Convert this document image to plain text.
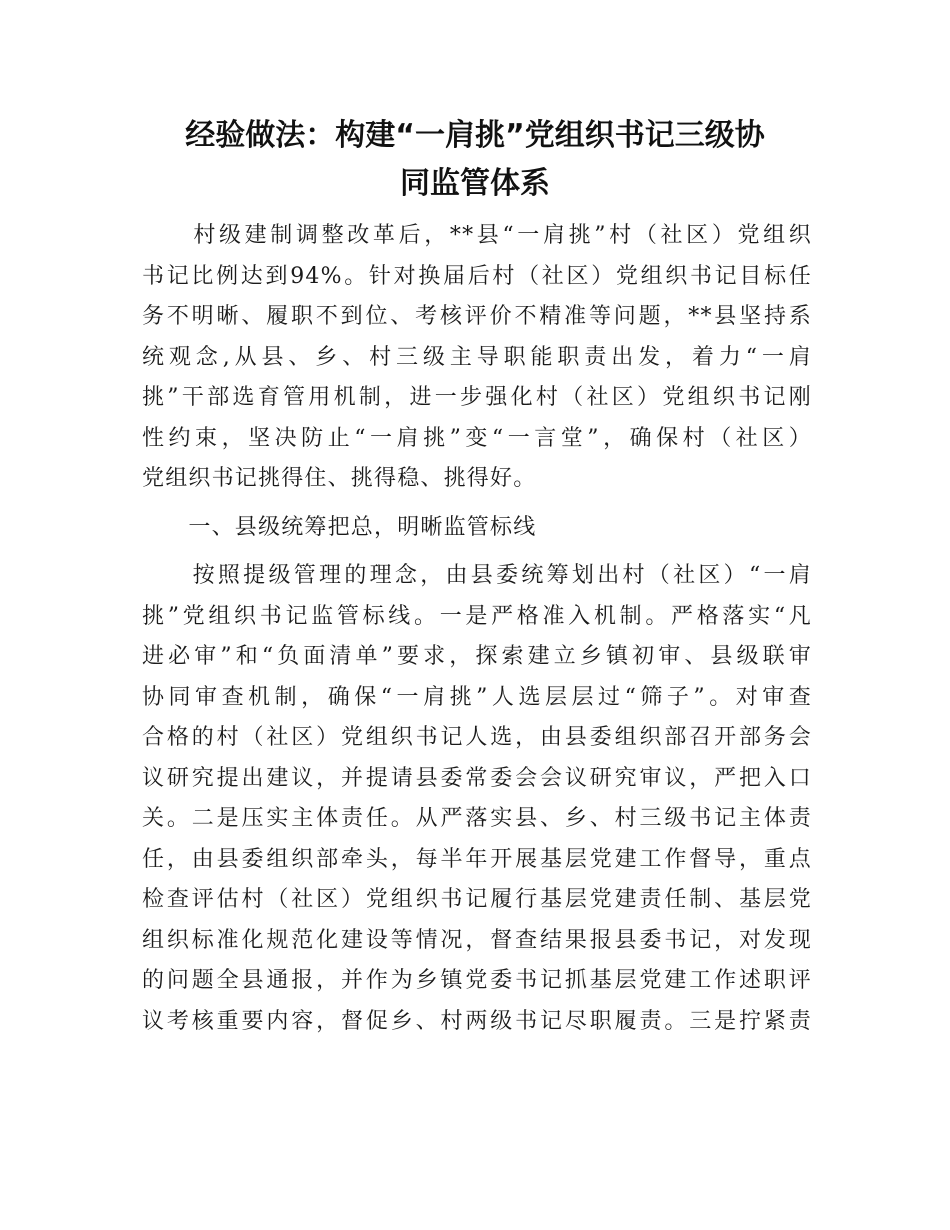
经验做法：构建“一肩挑”党组织书记三级协
同监管体系
　　村级建制调整改革后，**县“一肩挑”村（社区）党组织
书记比例达到94%。针对换届后村（社区）党组织书记目标任
务不明晰、履职不到位、考核评价不精准等问题，**县坚持系
统观念,从县、乡、村三级主导职能职责出发，着力“一肩
挑”干部选育管用机制，进一步强化村（社区）党组织书记刚
性约束，坚决防止“一肩挑”变“一言堂”，确保村（社区）
党组织书记挑得住、挑得稳、挑得好。
　　一、县级统筹把总，明晰监管标线
　　按照提级管理的理念，由县委统筹划出村（社区）“一肩
挑”党组织书记监管标线。一是严格准入机制。严格落实“凡
进必审”和“负面清单”要求，探索建立乡镇初审、县级联审
协同审查机制，确保“一肩挑”人选层层过“筛子”。对审查
合格的村（社区）党组织书记人选，由县委组织部召开部务会
议研究提出建议，并提请县委常委会会议研究审议，严把入口
关。二是压实主体责任。从严落实县、乡、村三级书记主体责
任，由县委组织部牵头，每半年开展基层党建工作督导，重点
检查评估村（社区）党组织书记履行基层党建责任制、基层党
组织标准化规范化建设等情况，督查结果报县委书记，对发现
的问题全县通报，并作为乡镇党委书记抓基层党建工作述职评
议考核重要内容，督促乡、村两级书记尽职履责。三是拧紧责
